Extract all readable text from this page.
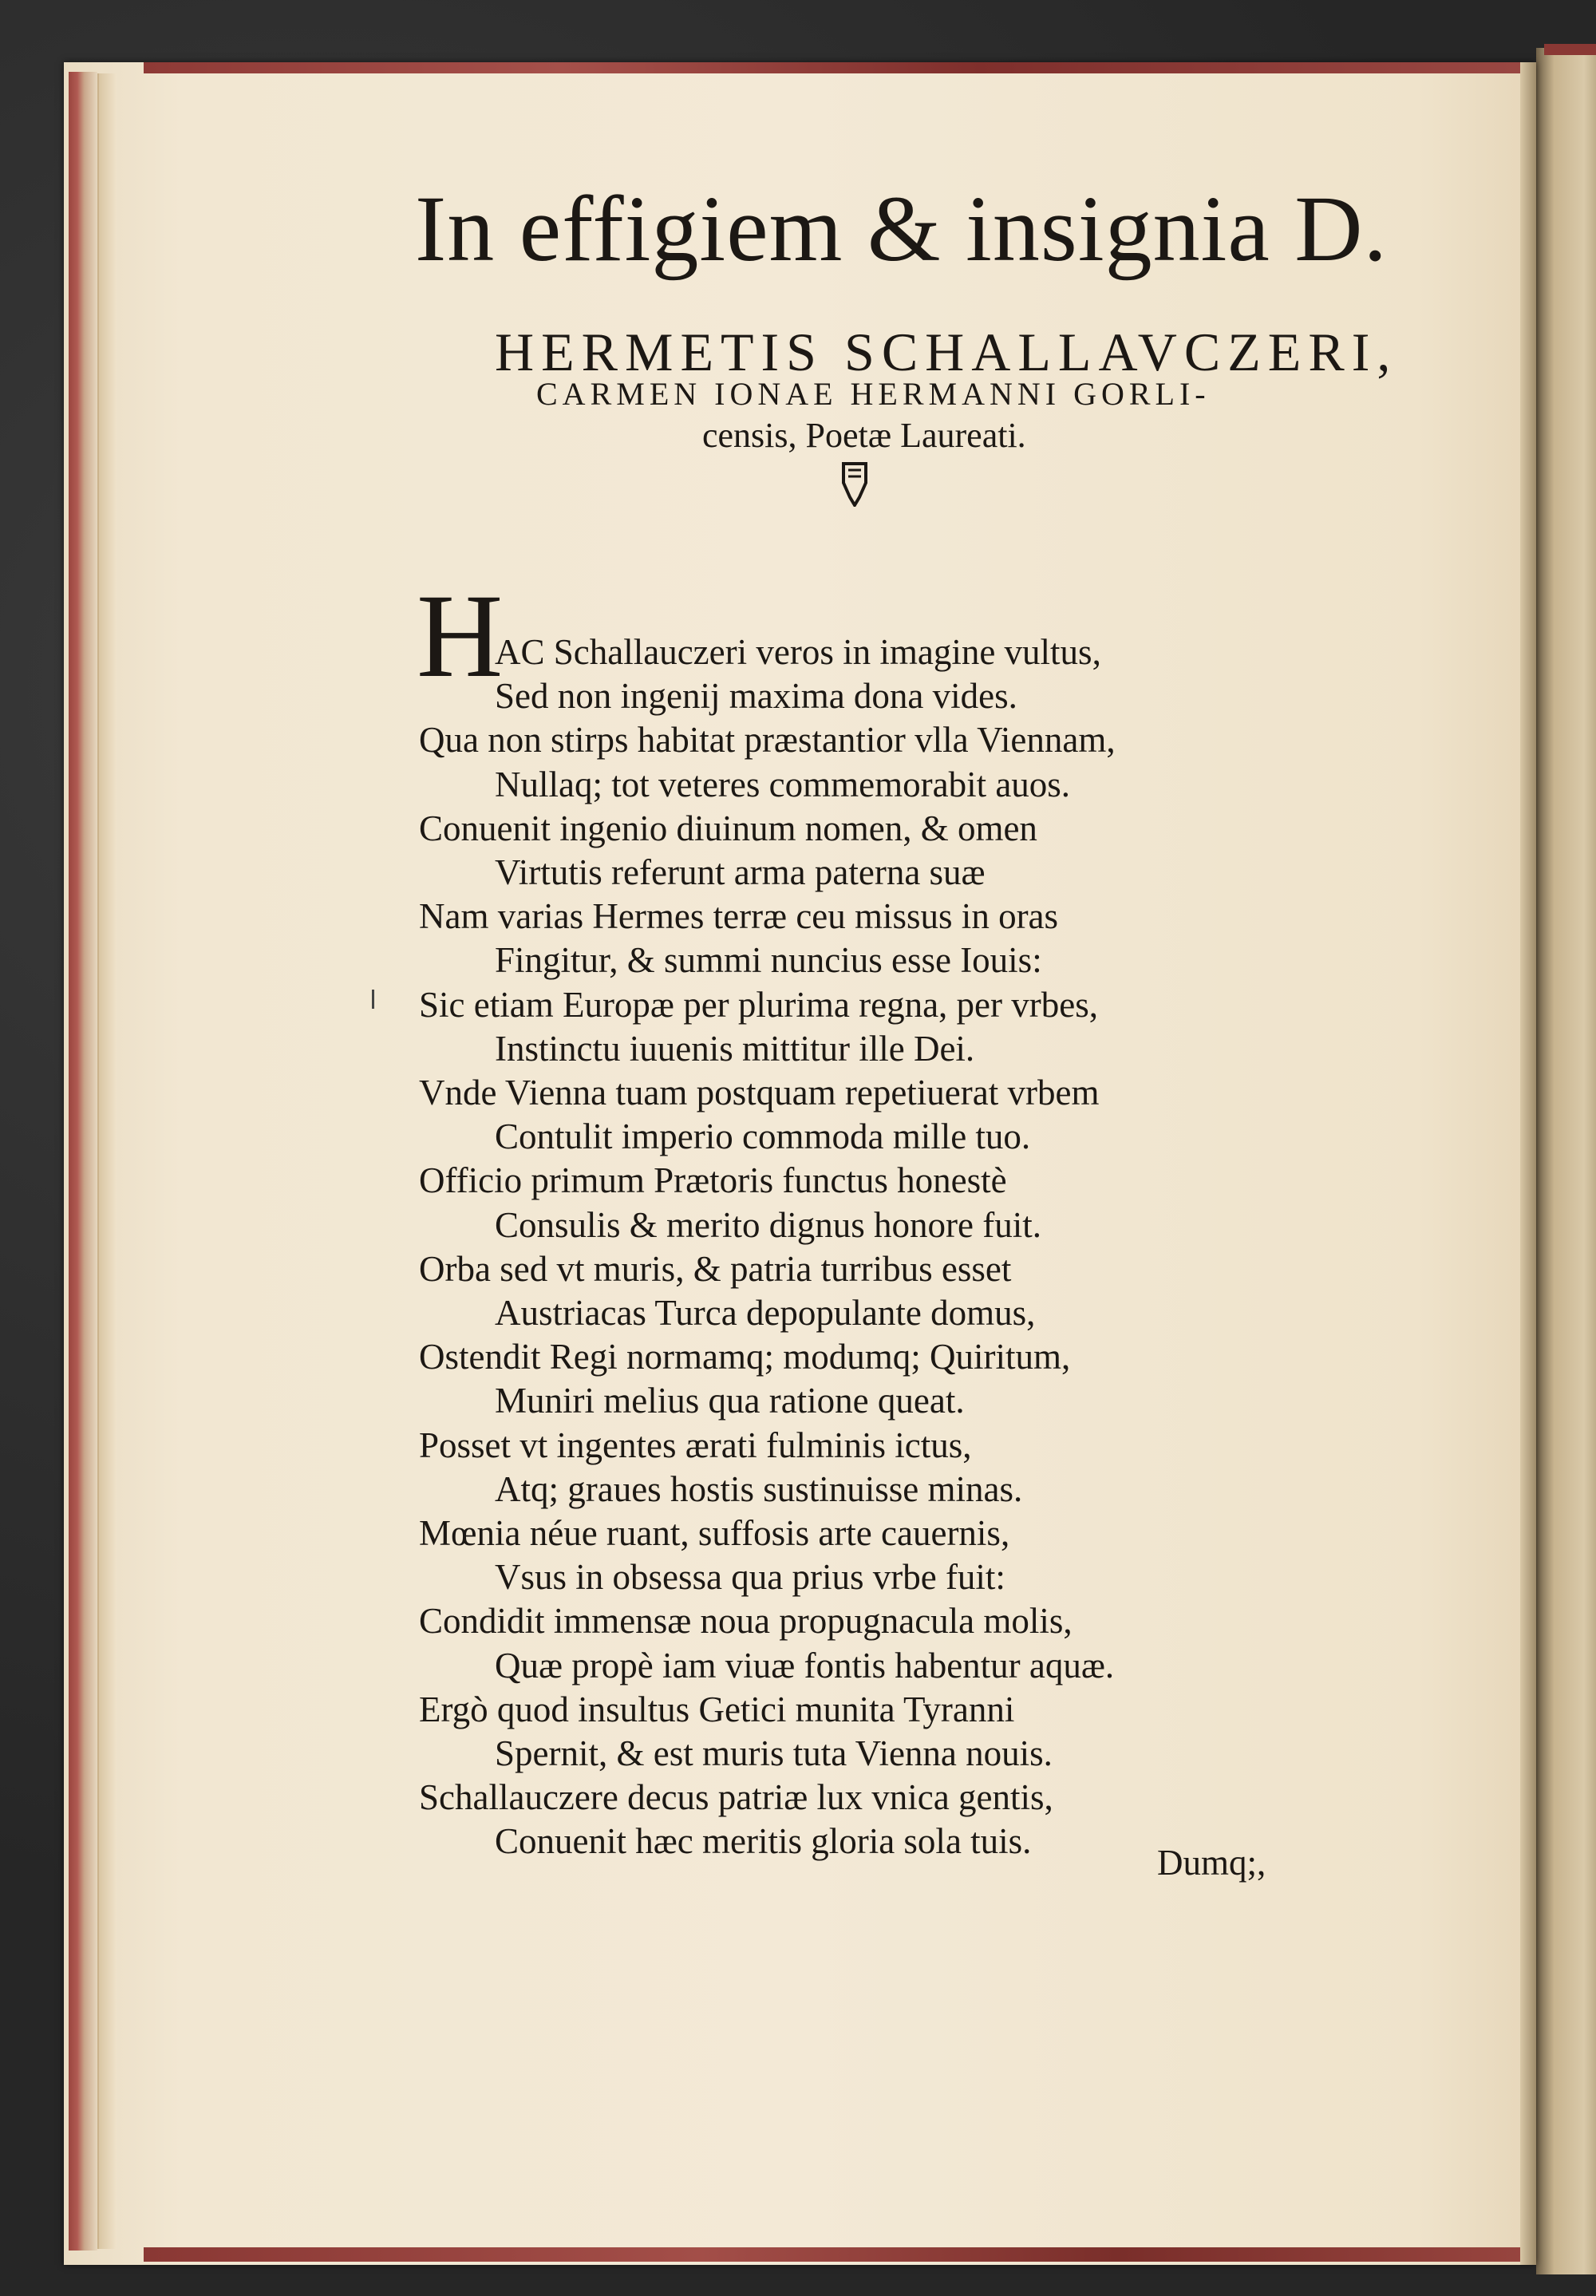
In effigiem & insignia D.
HERMETIS SCHALLAVCZERI,
CARMEN IONAE HERMANNI GORLI-
censis, Poetæ Laureati.
H
AC Schallauczeri veros in imagine vultus,
Sed non ingenij maxima dona vides.
Qua non stirps habitat præstantior vlla Viennam,
Nullaq; tot veteres commemorabit auos.
Conuenit ingenio diuinum nomen, & omen
Virtutis referunt arma paterna suæ
Nam varias Hermes terræ ceu missus in oras
Fingitur, & summi nuncius esse Iouis:
Sic etiam Europæ per plurima regna, per vrbes,
Instinctu iuuenis mittitur ille Dei.
Vnde Vienna tuam postquam repetiuerat vrbem
Contulit imperio commoda mille tuo.
Officio primum Prætoris functus honestè
Consulis & merito dignus honore fuit.
Orba sed vt muris, & patria turribus esset
Austriacas Turca depopulante domus,
Ostendit Regi normamq; modumq; Quiritum,
Muniri melius qua ratione queat.
Posset vt ingentes ærati fulminis ictus,
Atq; graues hostis sustinuisse minas.
Mœnia néue ruant, suffosis arte cauernis,
Vsus in obsessa qua prius vrbe fuit:
Condidit immensæ noua propugnacula molis,
Quæ propè iam viuæ fontis habentur aquæ.
Ergò quod insultus Getici munita Tyranni
Spernit, & est muris tuta Vienna nouis.
Schallauczere decus patriæ lux vnica gentis,
Conuenit hæc meritis gloria sola tuis.
Dumq;,
